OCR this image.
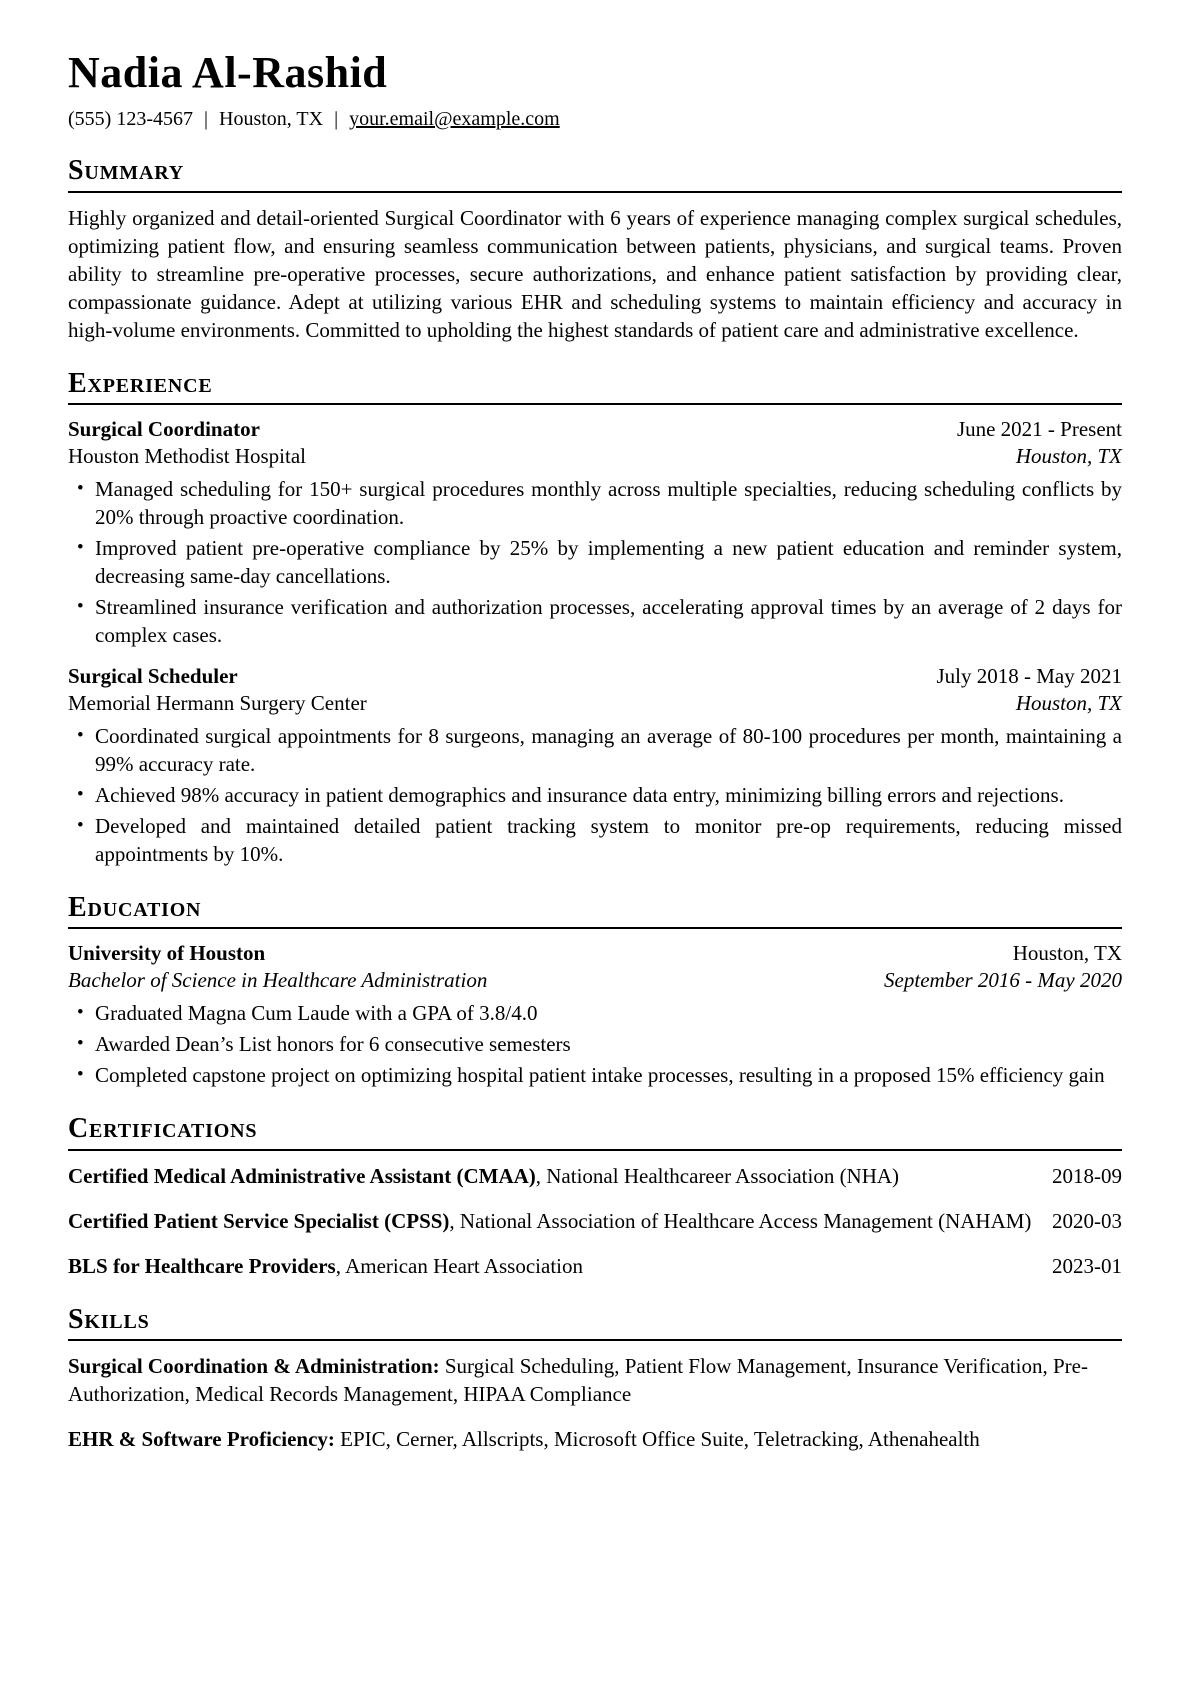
Nadia Al-Rashid
(555) 123-4567 | Houston, TX | your.email@example.com
Summary

Highly organized and detail-oriented Surgical Coordinator with 6 years of experience managing complex surgical schedules, optimizing patient flow, and ensuring seamless communication between patients, physicians, and surgical teams. Proven ability to streamline pre-operative processes, secure authorizations, and enhance patient satisfaction by providing clear, compassionate guidance. Adept at utilizing various EHR and scheduling systems to maintain efficiency and accuracy in high-volume environments. Committed to upholding the highest standards of patient care and administrative excellence.

Experience
Surgical Coordinator	June 2021 - Present
Houston Methodist Hospital	Houston, TX
• Managed scheduling for 150+ surgical procedures monthly across multiple specialties, reducing scheduling conflicts by 20% through proactive coordination.
• Improved patient pre-operative compliance by 25% by implementing a new patient education and reminder system, decreasing same-day cancellations.
• Streamlined insurance verification and authorization processes, accelerating approval times by an average of 2 days for complex cases.
Surgical Scheduler	July 2018 - May 2021
Memorial Hermann Surgery Center	Houston, TX
• Coordinated surgical appointments for 8 surgeons, managing an average of 80-100 procedures per month, maintaining a 99% accuracy rate.
• Achieved 98% accuracy in patient demographics and insurance data entry, minimizing billing errors and rejections.
• Developed and maintained detailed patient tracking system to monitor pre-op requirements, reducing missed appointments by 10%.
Education
University of Houston	Houston, TX
Bachelor of Science in Healthcare Administration	September 2016 - May 2020
• Graduated Magna Cum Laude with a GPA of 3.8/4.0
• Awarded Dean’s List honors for 6 consecutive semesters
• Completed capstone project on optimizing hospital patient intake processes, resulting in a proposed 15% efficiency gain
Certifications

Certified Medical Administrative Assistant (CMAA), National Healthcareer Association (NHA)	2018-09

Certified Patient Service Specialist (CPSS), National Association of Healthcare Access Management (NAHAM) 2020-03

BLS for Healthcare Providers, American Heart Association	2023-01

Skills

Surgical Coordination & Administration: Surgical Scheduling, Patient Flow Management, Insurance Verification, Pre-Authorization, Medical Records Management, HIPAA Compliance

EHR & Software Proficiency: EPIC, Cerner, Allscripts, Microsoft Office Suite, Teletracking, Athenahealth
